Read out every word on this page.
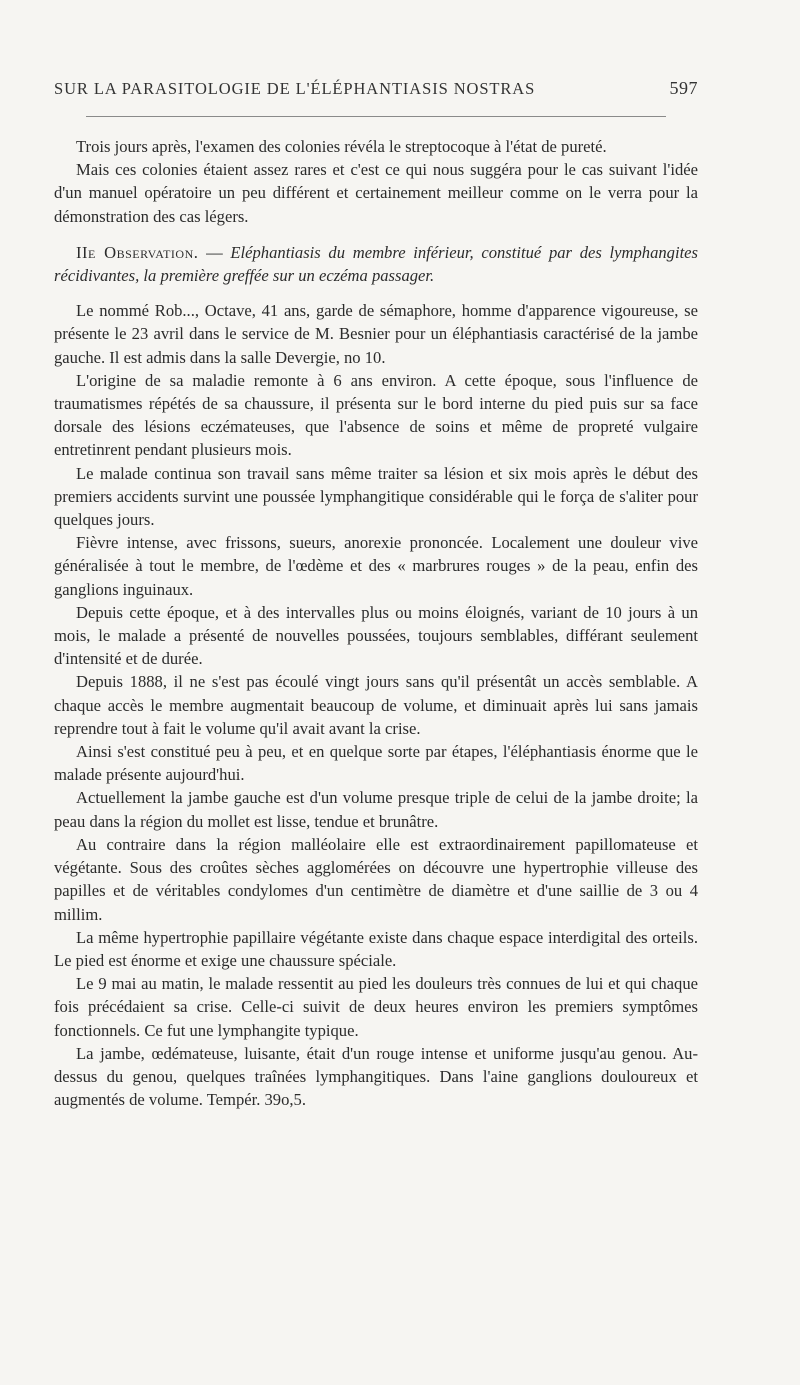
SUR LA PARASITOLOGIE DE L'ÉLÉPHANTIASIS NOSTRAS	597

Trois jours après, l'examen des colonies révéla le streptocoque à l'état de pureté.

Mais ces colonies étaient assez rares et c'est ce qui nous suggéra pour le cas suivant l'idée d'un manuel opératoire un peu différent et certainement meilleur comme on le verra pour la démonstration des cas légers.

IIe Observation. — Eléphantiasis du membre inférieur, constitué par des lymphangites récidivantes, la première greffée sur un eczéma passager.

Le nommé Rob..., Octave, 41 ans, garde de sémaphore, homme d'apparence vigoureuse, se présente le 23 avril dans le service de M. Besnier pour un éléphantiasis caractérisé de la jambe gauche. Il est admis dans la salle Devergie, no 10.

L'origine de sa maladie remonte à 6 ans environ. A cette époque, sous l'influence de traumatismes répétés de sa chaussure, il présenta sur le bord interne du pied puis sur sa face dorsale des lésions eczémateuses, que l'absence de soins et même de propreté vulgaire entretinrent pendant plusieurs mois.

Le malade continua son travail sans même traiter sa lésion et six mois après le début des premiers accidents survint une poussée lymphangitique considérable qui le força de s'aliter pour quelques jours.

Fièvre intense, avec frissons, sueurs, anorexie prononcée. Localement une douleur vive généralisée à tout le membre, de l'œdème et des « marbrures rouges » de la peau, enfin des ganglions inguinaux.

Depuis cette époque, et à des intervalles plus ou moins éloignés, variant de 10 jours à un mois, le malade a présenté de nouvelles poussées, toujours semblables, différant seulement d'intensité et de durée.

Depuis 1888, il ne s'est pas écoulé vingt jours sans qu'il présentât un accès semblable. A chaque accès le membre augmentait beaucoup de volume, et diminuait après lui sans jamais reprendre tout à fait le volume qu'il avait avant la crise.

Ainsi s'est constitué peu à peu, et en quelque sorte par étapes, l'éléphantiasis énorme que le malade présente aujourd'hui.

Actuellement la jambe gauche est d'un volume presque triple de celui de la jambe droite; la peau dans la région du mollet est lisse, tendue et brunâtre.

Au contraire dans la région malléolaire elle est extraordinairement papillomateuse et végétante. Sous des croûtes sèches agglomérées on découvre une hypertrophie villeuse des papilles et de véritables condylomes d'un centimètre de diamètre et d'une saillie de 3 ou 4 millim.

La même hypertrophie papillaire végétante existe dans chaque espace interdigital des orteils. Le pied est énorme et exige une chaussure spéciale.

Le 9 mai au matin, le malade ressentit au pied les douleurs très connues de lui et qui chaque fois précédaient sa crise. Celle-ci suivit de deux heures environ les premiers symptômes fonctionnels. Ce fut une lymphangite typique.

La jambe, œdémateuse, luisante, était d'un rouge intense et uniforme jusqu'au genou. Au-dessus du genou, quelques traînées lymphangitiques. Dans l'aine ganglions douloureux et augmentés de volume. Tempér. 39o,5.
